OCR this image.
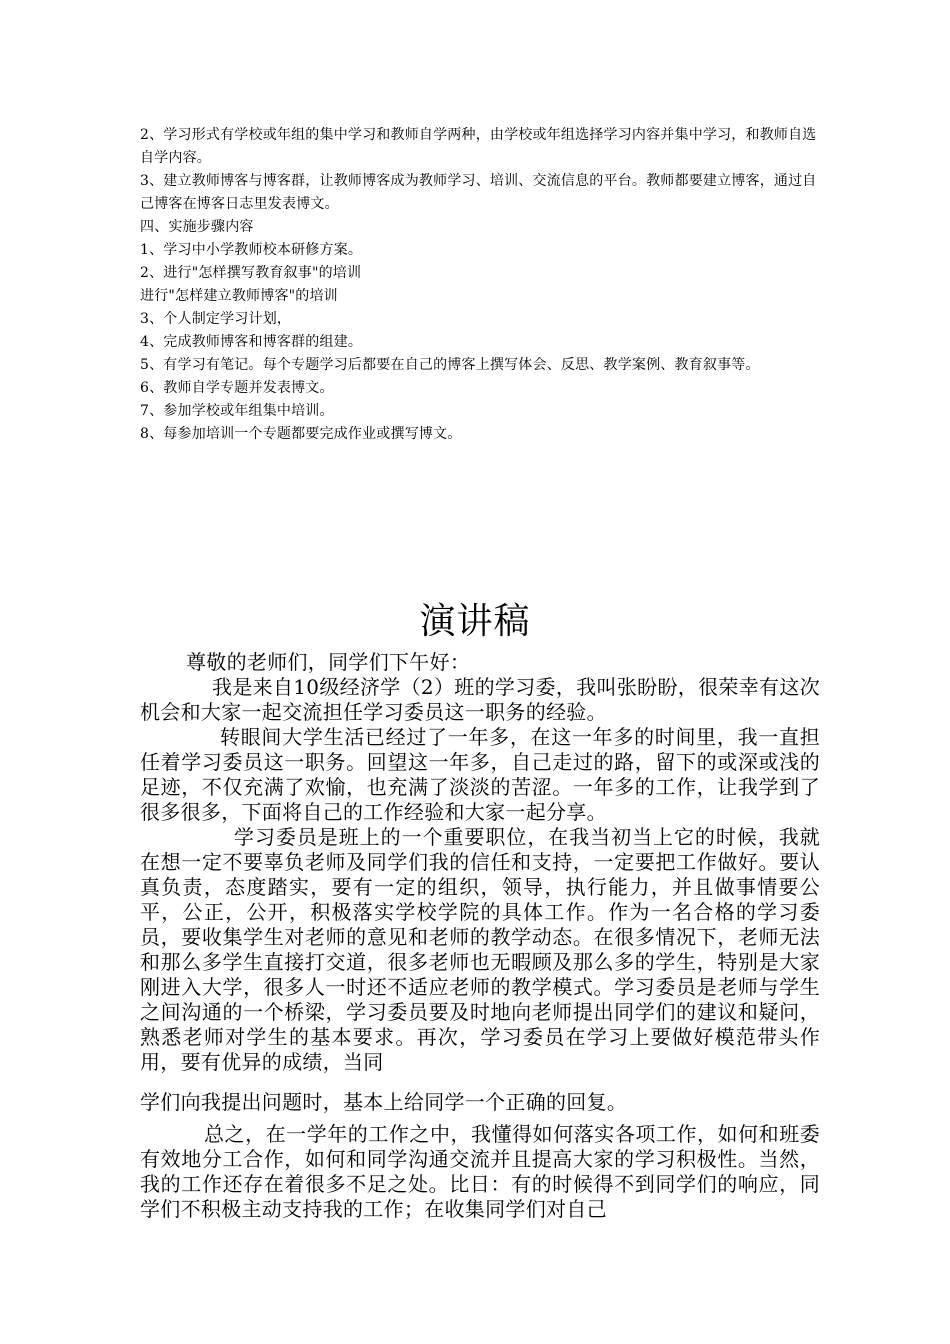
2、学习形式有学校或年组的集中学习和教师自学两种，由学校或年组选择学习内容并集中学习，和教师自选自学内容。

3、建立教师博客与博客群，让教师博客成为教师学习、培训、交流信息的平台。教师都要建立博客，通过自己博客在博客日志里发表博文。

四、实施步骤内容

1、学习中小学教师校本研修方案。

2、进行"怎样撰写教育叙事"的培训

进行"怎样建立教师博客"的培训

3、个人制定学习计划，

4、完成教师博客和博客群的组建。

5、有学习有笔记。每个专题学习后都要在自己的博客上撰写体会、反思、教学案例、教育叙事等。

6、教师自学专题并发表博文。

7、参加学校或年组集中培训。

8、每参加培训一个专题都要完成作业或撰写博文。

演讲稿

尊敬的老师们，同学们下午好：

我是来自10级经济学（2）班的学习委，我叫张盼盼，很荣幸有这次机会和大家一起交流担任学习委员这一职务的经验。

转眼间大学生活已经过了一年多，在这一年多的时间里，我一直担任着学习委员这一职务。回望这一年多，自己走过的路，留下的或深或浅的足迹，不仅充满了欢愉，也充满了淡淡的苦涩。一年多的工作，让我学到了很多很多，下面将自己的工作经验和大家一起分享。

学习委员是班上的一个重要职位，在我当初当上它的时候，我就在想一定不要辜负老师及同学们我的信任和支持，一定要把工作做好。要认真负责，态度踏实，要有一定的组织，领导，执行能力，并且做事情要公平，公正，公开，积极落实学校学院的具体工作。作为一名合格的学习委员，要收集学生对老师的意见和老师的教学动态。在很多情况下，老师无法和那么多学生直接打交道，很多老师也无暇顾及那么多的学生，特别是大家刚进入大学，很多人一时还不适应老师的教学模式。学习委员是老师与学生之间沟通的一个桥梁，学习委员要及时地向老师提出同学们的建议和疑问，熟悉老师对学生的基本要求。再次，学习委员在学习上要做好模范带头作用，要有优异的成绩，当同

学们向我提出问题时，基本上给同学一个正确的回复。

总之，在一学年的工作之中，我懂得如何落实各项工作，如何和班委有效地分工合作，如何和同学沟通交流并且提高大家的学习积极性。当然，我的工作还存在着很多不足之处。比日：有的时候得不到同学们的响应，同学们不积极主动支持我的工作；在收集同学们对自己
